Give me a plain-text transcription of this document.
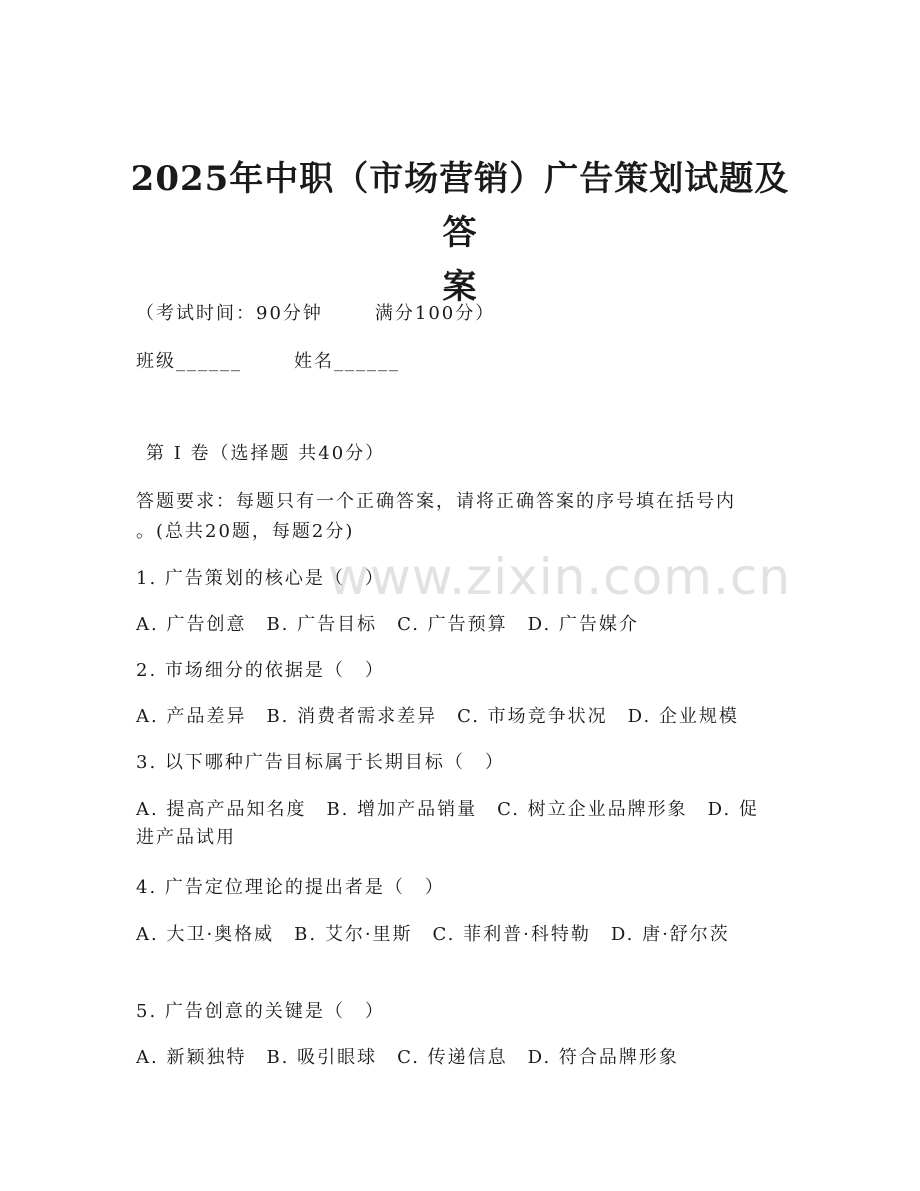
www.zixin.com.cn
2025年中职（市场营销）广告策划试题及答
案
（考试时间：90分钟	满分100分）
班级______	姓名______
第 I 卷（选择题 共40分）
答题要求：每题只有一个正确答案，请将正确答案的序号填在括号内
。(总共20题，每题2分)
1. 广告策划的核心是（　）
A. 广告创意　B. 广告目标　C. 广告预算　D. 广告媒介
2. 市场细分的依据是（　）
A. 产品差异　B. 消费者需求差异　C. 市场竞争状况　D. 企业规模
3. 以下哪种广告目标属于长期目标（　）
A. 提高产品知名度　B. 增加产品销量　C. 树立企业品牌形象　D. 促进产品试用
4. 广告定位理论的提出者是（　）
A. 大卫·奥格威　B. 艾尔·里斯　C. 菲利普·科特勒　D. 唐·舒尔茨
5. 广告创意的关键是（　）
A. 新颖独特　B. 吸引眼球　C. 传递信息　D. 符合品牌形象
